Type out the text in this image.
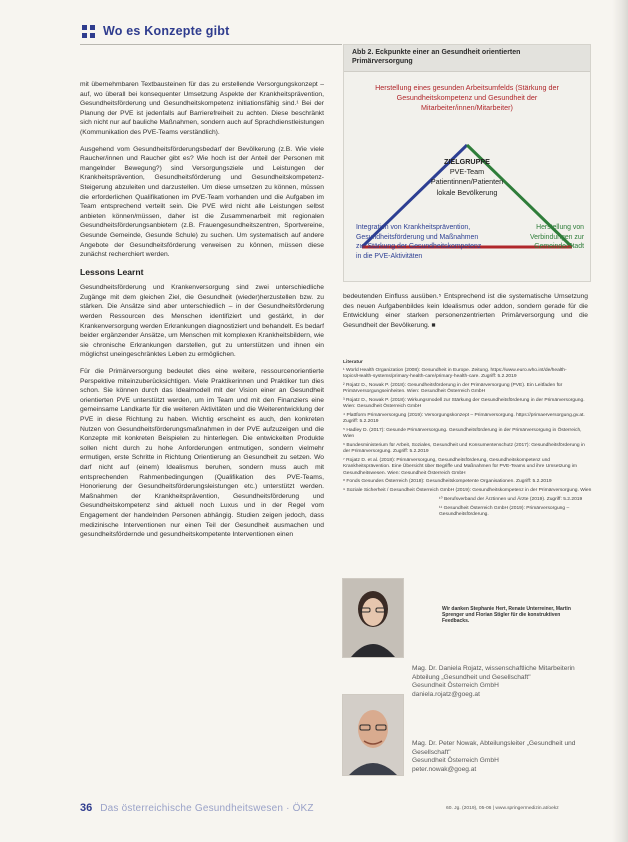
Wo es Konzepte gibt

mit übernehmbaren Textbausteinen für das zu erstellende Versorgungskonzept – auf, wo überall bei konsequenter Umsetzung Aspekte der Krankheitsprävention, Gesundheitsförderung und Gesundheitskompetenz initiationsfähig sind.¹ Bei der Planung der PVE ist jedenfalls auf Barrierefreiheit zu achten. Diese beschränkt sich nicht nur auf bauliche Maßnahmen, sondern auch auf Sprachdienstleistungen (Kommunikation des PVE-Teams verständlich).

Ausgehend vom Gesundheitsförderungsbedarf der Bevölkerung (z.B. Wie viele Raucher/innen und Raucher gibt es? Wie hoch ist der Anteil der Personen mit mangelnder Bewegung?) sind Versorgungsziele und Leistungen der Krankheitsprävention, Gesundheitsförderung und Gesundheitskompetenz-Steigerung abzuleiten und darzustellen. Um diese umsetzen zu können, müssen die erforderlichen Qualifikationen im PVE-Team vorhanden und die Aufgaben im Team entsprechend verteilt sein. Die PVE wird nicht alle Leistungen selbst anbieten können/müssen, daher ist die Zusammenarbeit mit regionalen Gesundheitsförderungsanbietern (z.B. Frauengesundheitszentren, Sportvereine, Gesunde Gemeinde, Gesunde Schule) zu suchen. Um systematisch auf andere Angebote der Gesundheitsförderung verweisen zu können, müssen diese zunächst recherchiert werden.

Lessons Learnt

Gesundheitsförderung und Krankenversorgung sind zwei unterschiedliche Zugänge mit dem gleichen Ziel, die Gesundheit (wieder)herzustellen bzw. zu stärken. Die Ansätze sind aber unterschiedlich – in der Gesundheitsförderung werden Ressourcen des Menschen identifiziert und gestärkt, in der Krankenversorgung werden Erkrankungen diagnostiziert und behandelt. Es bedarf beider ergänzender Ansätze, um Menschen mit komplexen Krankheitsbildern, wie sie chronische Erkrankungen darstellen, gut zu unterstützen und ihnen ein möglichst uneingeschränktes Leben zu ermöglichen.

Für die Primärversorgung bedeutet dies eine weitere, ressourcenorientierte Perspektive miteinzuberücksichtigen. Viele Praktikerinnen und Praktiker tun dies schon. Sie können durch das Idealmodell mit der Vision einer an Gesundheit orientierten PVE unterstützt werden, um im Team und mit den Finanziers eine gemeinsame Landkarte für die weiteren Aktivitäten und die Weiterentwicklung der PVE in diese Richtung zu haben. Wichtig erscheint es auch, den konkreten Nutzen von Gesundheitsförderungsmaßnahmen in der PVE aufzuzeigen und die Konzepte mit konkreten Beispielen zu hinterlegen. Die entwickelten Produkte sollen nicht durch zu hohe Anforderungen entmutigen, sondern vielmehr ermutigen, erste Schritte in Richtung Orientierung an Gesundheit zu setzen. Wo darf nicht auf (einem) Idealismus beruhen, sondern muss auch mit entsprechenden Rahmenbedingungen (Qualifikation des PVE-Teams, Honorierung der Gesundheitsförderungsleistungen etc.) unterstützt werden. Maßnahmen der Krankheitsprävention, Gesundheitsförderung und Gesundheitskompetenz sind aktuell noch Luxus und in der Regel vom Engagement der handelnden Personen abhängig. Studien zeigen jedoch, dass medizinische Interventionen nur einen Teil der Gesundheit ausmachen und gesundheitsfördernde und gesundheitskompetente Interventionen einen

Abb 2. Eckpunkte einer an Gesundheit orientierten Primärversorgung
Herstellung eines gesunden Arbeitsumfelds (Stärkung der Gesundheitskompetenz und Gesundheit der Mitarbeiter/innen/Mitarbeiter)
ZIELGRUPPE
PVE-Team
Patientinnen/Patienten
lokale Bevölkerung
Integration von Krankheitsprävention, Gesundheitsförderung und Maßnahmen zur Stärkung der Gesundheitskompetenz in die PVE-Aktivitäten
Herstellung von Verbindungen zur Gemeinde/Stadt

bedeutenden Einfluss ausüben.⁵ Entsprechend ist die systematische Umsetzung des neuen Aufgabenbildes kein Idealismus oder addon, sondern gerade für die Entwicklung einer starken personenzentrierten Primärversorgung und die Gesundheit der Bevölkerung. ■

Literatur
¹ World Health Organization (2008): Gesundheit in Europe. Zeitung. https://www.euro.who.int/de/health-topics/Health-systems/primary-health-care/primary-health-care. Zugriff: 5.2.2019
² Rojatz D., Nowak P. (2018): Gesundheitsförderung in der Primärversorgung (PVE). Ein Leitfaden für Primärversorgungseinheiten. Wien: Gesundheit Österreich GmbH
³ Rojatz D., Nowak P. (2018): Wirkungsmodell zur Stärkung der Gesundheitsförderung in der Primärversorgung. Wien: Gesundheit Österreich GmbH
⁴ Plattform Primärversorgung (2019): Versorgungskonzept – Primärversorgung. https://primaerversorgung.gv.at. Zugriff: 5.2.2019
⁵ Hadley D. (2017): Gesunde Primärversorgung. Gesundheitsförderung in der Primärversorgung in Österreich, Wien
⁶ Bundesministerium für Arbeit, Soziales, Gesundheit und Konsumentenschutz (2017): Gesundheitsförderung in der Primärversorgung. Zugriff: 5.2.2019
⁷ Rojatz D. et al. (2018): Primärversorgung, Gesundheitsförderung, Gesundheitskompetenz und Krankheitsprävention. Eine Übersicht über Begriffe und Maßnahmen für PVE-Teams und ihre Umsetzung im Gesundheitswesen. Wien: Gesundheit Österreich GmbH
⁸ Fonds Gesundes Österreich (2018): Gesundheitskompetente Organisationen. Zugriff: 5.2.2019
⁹ Soziale Sicherheit / Gesundheit Österreich GmbH (2019): Gesundheitskompetenz in der Primärversorgung. Wien
¹⁰ Berufsverband der Ärztinnen und Ärzte (2019). Zugriff: 5.2.2019
¹¹ Gesundheit Österreich GmbH (2019): Primärversorgung – Gesundheitsförderung.
Wir danken Stephanie Hert, Renate Unterreiner, Martin Sprenger und Florian Stigler für die konstruktiven Feedbacks.
Mag. Dr. Daniela Rojatz, wissenschaftliche Mitarbeiterin Abteilung „Gesundheit und Gesellschaft"
Gesundheit Österreich GmbH
daniela.rojatz@goeg.at
Mag. Dr. Peter Nowak, Abteilungsleiter „Gesundheit und Gesellschaft"
Gesundheit Österreich GmbH
peter.nowak@goeg.at
36 Das österreichische Gesundheitswesen · ÖKZ	60. Jg. (2019), 05-06 | www.springermedizin.at/oekz
